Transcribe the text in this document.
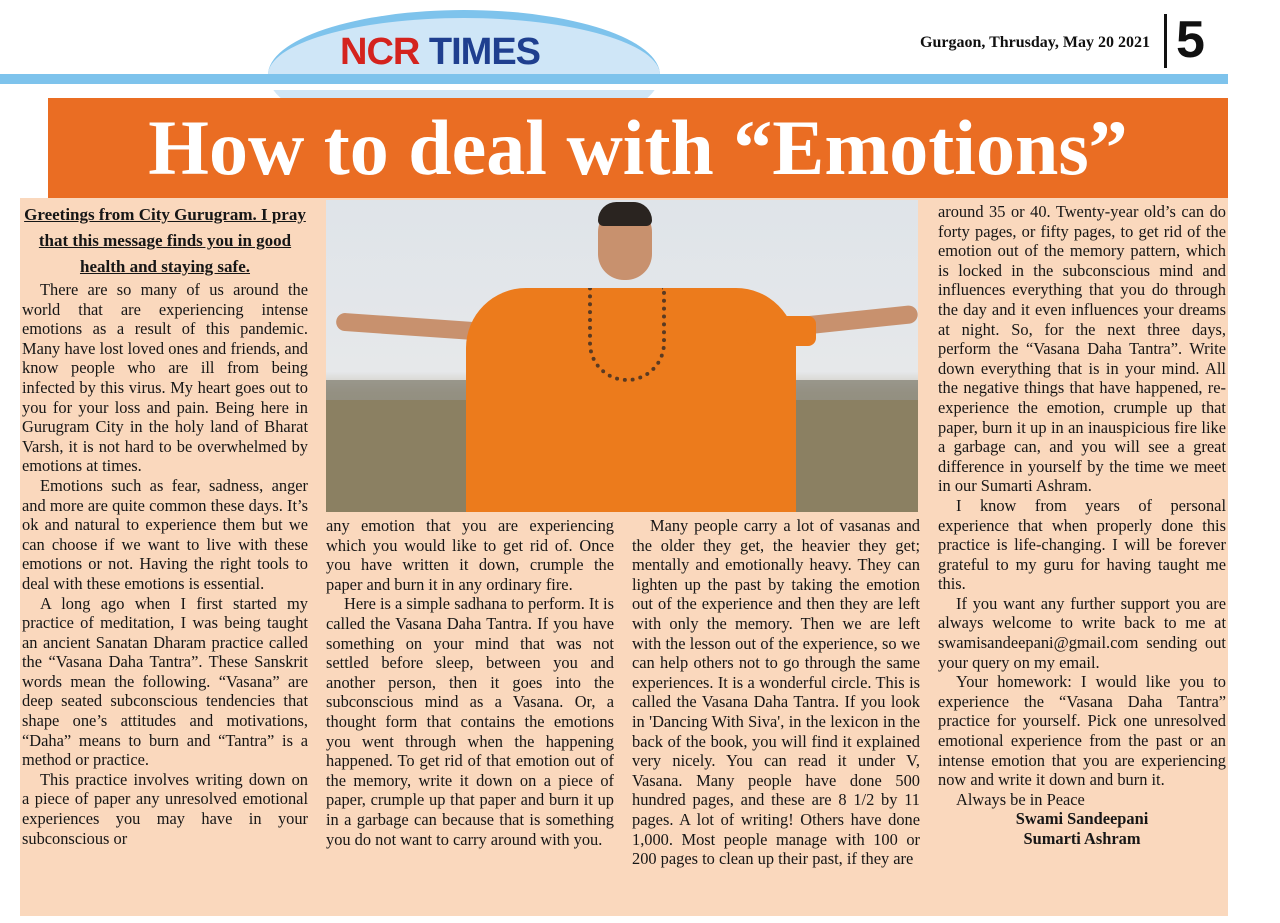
NCR TIMES	Gurgaon, Thrusday, May 20 2021 5
How to deal with “Emotions”

Greetings from City Gurugram. I pray that this message finds you in good health and staying safe.

There are so many of us around the world that are experiencing intense emotions as a result of this pandemic. Many have lost loved ones and friends, and know people who are ill from being infected by this virus. My heart goes out to you for your loss and pain. Being here in Gurugram City in the holy land of Bharat Varsh, it is not hard to be overwhelmed by emotions at times.

Emotions such as fear, sadness, anger and more are quite common these days. It’s ok and natural to experience them but we can choose if we want to live with these emotions or not. Having the right tools to deal with these emotions is essential.

A long ago when I first started my practice of meditation, I was being taught an ancient Sanatan Dharam practice called the “Vasana Daha Tantra”. These Sanskrit words mean the following. “Vasana” are deep seated subconscious tendencies that shape one’s attitudes and motivations, “Daha” means to burn and “Tantra” is a method or practice.

This practice involves writing down on a piece of paper any unresolved emotional experiences you may have in your subconscious or

any emotion that you are experiencing which you would like to get rid of. Once you have written it down, crumple the paper and burn it in any ordinary fire.

Here is a simple sadhana to perform. It is called the Vasana Daha Tantra. If you have something on your mind that was not settled before sleep, between you and another person, then it goes into the subconscious mind as a Vasana. Or, a thought form that contains the emotions you went through when the happening happened. To get rid of that emotion out of the memory, write it down on a piece of paper, crumple up that paper and burn it up in a garbage can because that is something you do not want to carry around with you.

Many people carry a lot of vasanas and the older they get, the heavier they get; mentally and emotionally heavy. They can lighten up the past by taking the emotion out of the experience and then they are left with only the memory. Then we are left with the lesson out of the experience, so we can help others not to go through the same experiences. It is a wonderful circle. This is called the Vasana Daha Tantra. If you look in 'Dancing With Siva', in the lexicon in the back of the book, you will find it explained very nicely. You can read it under V, Vasana. Many people have done 500 hundred pages, and these are 8 1/2 by 11 pages. A lot of writing! Others have done 1,000. Most people manage with 100 or 200 pages to clean up their past, if they are

around 35 or 40. Twenty-year old’s can do forty pages, or fifty pages, to get rid of the emotion out of the memory pattern, which is locked in the subconscious mind and influences everything that you do through the day and it even influences your dreams at night. So, for the next three days, perform the “Vasana Daha Tantra”. Write down everything that is in your mind. All the negative things that have happened, re- experience the emotion, crumple up that paper, burn it up in an inauspicious fire like a garbage can, and you will see a great difference in yourself by the time we meet in our Sumarti Ashram.

I know from years of personal experience that when properly done this practice is life-changing. I will be forever grateful to my guru for having taught me this.

If you want any further support you are always welcome to write back to me at swamisandeepani@gmail.com sending out your query on my email.

Your homework: I would like you to experience the “Vasana Daha Tantra” practice for yourself. Pick one unresolved emotional experience from the past or an intense emotion that you are experiencing now and write it down and burn it.

Always be in Peace

Swami Sandeepani

Sumarti Ashram
